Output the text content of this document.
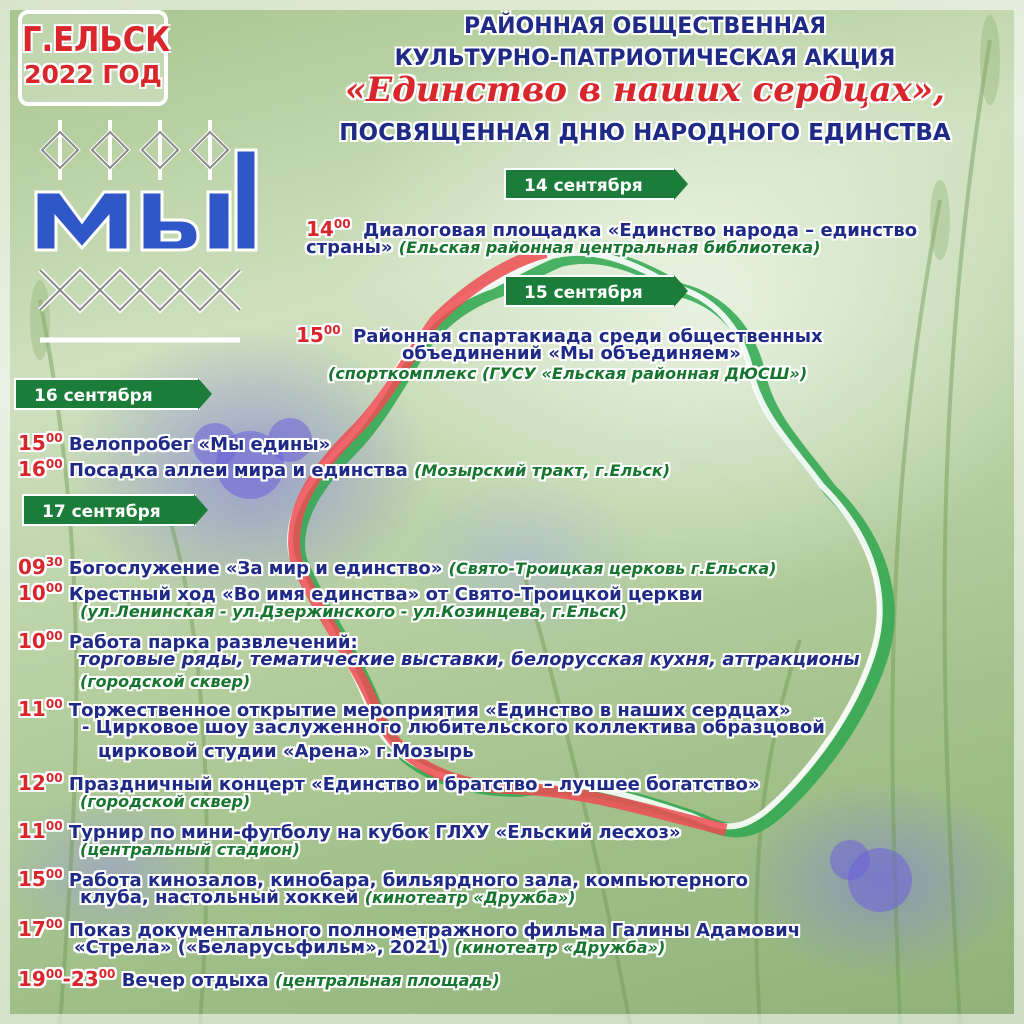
Г.ЕЛЬСК
2022 ГОД
РАЙОННАЯ ОБЩЕСТВЕННАЯ
КУЛЬТУРНО-ПАТРИОТИЧЕСКАЯ АКЦИЯ
«Единство в наших сердцах»,
ПОСВЯЩЕННАЯ ДНЮ НАРОДНОГО ЕДИНСТВА
14 сентября
$14^{00}$ Диалоговая площадка «Единство народа – единство
страны» (Ельская районная центральная библиотека)
15 сентября
$15^{00}$ Районная спартакиада среди общественных
объединений «Мы объединяем»
(спорткомплекс (ГУСУ «Ельская районная ДЮСШ»)
16 сентября
$15^{00}$ Велопробег «Мы едины»
$16^{00}$ Посадка аллеи мира и единства (Мозырский тракт, г.Ельск)
17 сентября
$09^{30}$ Богослужение «За мир и единство» (Свято-Троицкая церковь г.Ельска)
$10^{00}$ Крестный ход «Во имя единства» от Свято-Троицкой церкви
(ул.Ленинская - ул.Дзержинского - ул.Козинцева, г.Ельск)
$10^{00}$ Работа парка развлечений:
торговые ряды, тематические выставки, белорусская кухня, аттракционы
(городской сквер)
$11^{00}$ Торжественное открытие мероприятия «Единство в наших сердцах»
- Цирковое шоу заслуженного любительского коллектива образцовой
цирковой студии «Арена» г.Мозырь
$12^{00}$ Праздничный концерт «Единство и братство – лучшее богатство»
(городской сквер)
$11^{00}$ Турнир по мини-футболу на кубок ГЛХУ «Ельский лесхоз»
(центральный стадион)
$15^{00}$ Работа кинозалов, кинобара, бильярдного зала, компьютерного
клуба, настольный хоккей (кинотеатр «Дружба»)
$17^{00}$ Показ документального полнометражного фильма Галины Адамович
«Стрела» («Беларусьфильм», 2021) (кинотеатр «Дружба»)
$19^{00}-23^{00}$ Вечер отдыха (центральная площадь)
